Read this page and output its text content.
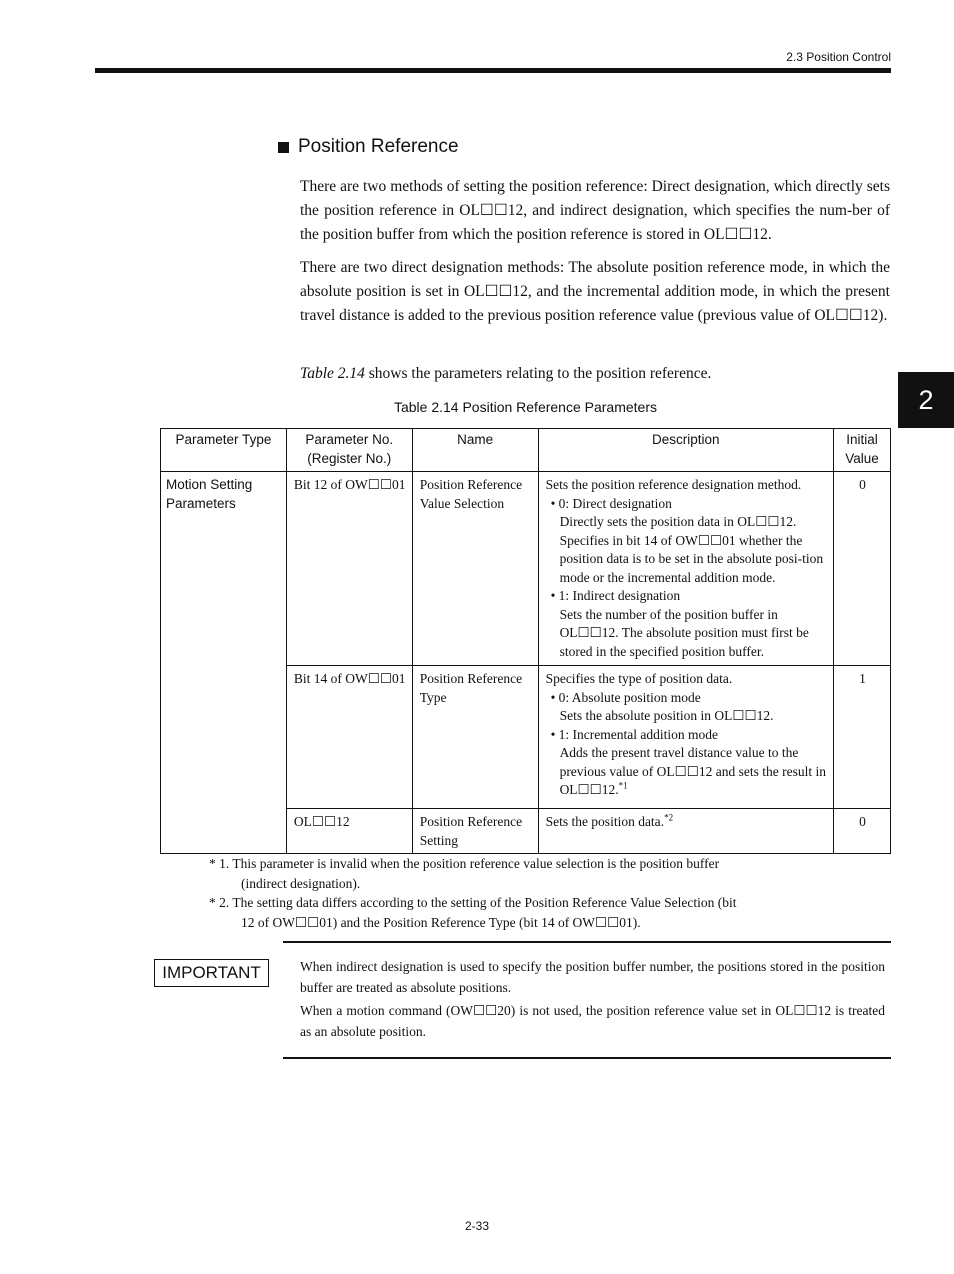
2.3 Position Control
2
Position Reference
There are two methods of setting the position reference: Direct designation, which directly sets the position reference in OL☐☐12, and indirect designation, which specifies the num-ber of the position buffer from which the position reference is stored in OL☐☐12.
There are two direct designation methods: The absolute position reference mode, in which the absolute position is set in OL☐☐12, and the incremental addition mode, in which the present travel distance is added to the previous position reference value (previous value of OL☐☐12).
Table 2.14 shows the parameters relating to the position reference.
Table 2.14 Position Reference Parameters
Parameter Type	Parameter No. (Register No.)	Name	Description	Initial Value
Motion Setting Parameters	Bit 12 of OW☐☐01	Position Reference Value Selection	Sets the position reference designation method.
• 0: Direct designation
Directly sets the position data in OL☐☐12. Specifies in bit 14 of OW☐☐01 whether the position data is to be set in the absolute posi-tion mode or the incremental addition mode.
• 1: Indirect designation
Sets the number of the position buffer in OL☐☐12. The absolute position must first be stored in the specified position buffer.	0
	Bit 14 of OW☐☐01	Position Reference Type	Specifies the type of position data.
• 0: Absolute position mode
Sets the absolute position in OL☐☐12.
• 1: Incremental addition mode
Adds the present travel distance value to the previous value of OL☐☐12 and sets the result in OL☐☐12.$^{*1}$	1
	OL☐☐12	Position Reference Setting	Sets the position data.$^{*2}$	0
* 1. This parameter is invalid when the position reference value selection is the position buffer
(indirect designation).
* 2. The setting data differs according to the setting of the Position Reference Value Selection (bit
12 of OW☐☐01) and the Position Reference Type (bit 14 of OW☐☐01).
IMPORTANT	When indirect designation is used to specify the position buffer number, the positions stored in the position buffer are treated as absolute positions.
When a motion command (OW☐☐20) is not used, the position reference value set in OL☐☐12 is treated as an absolute position.
2-33
